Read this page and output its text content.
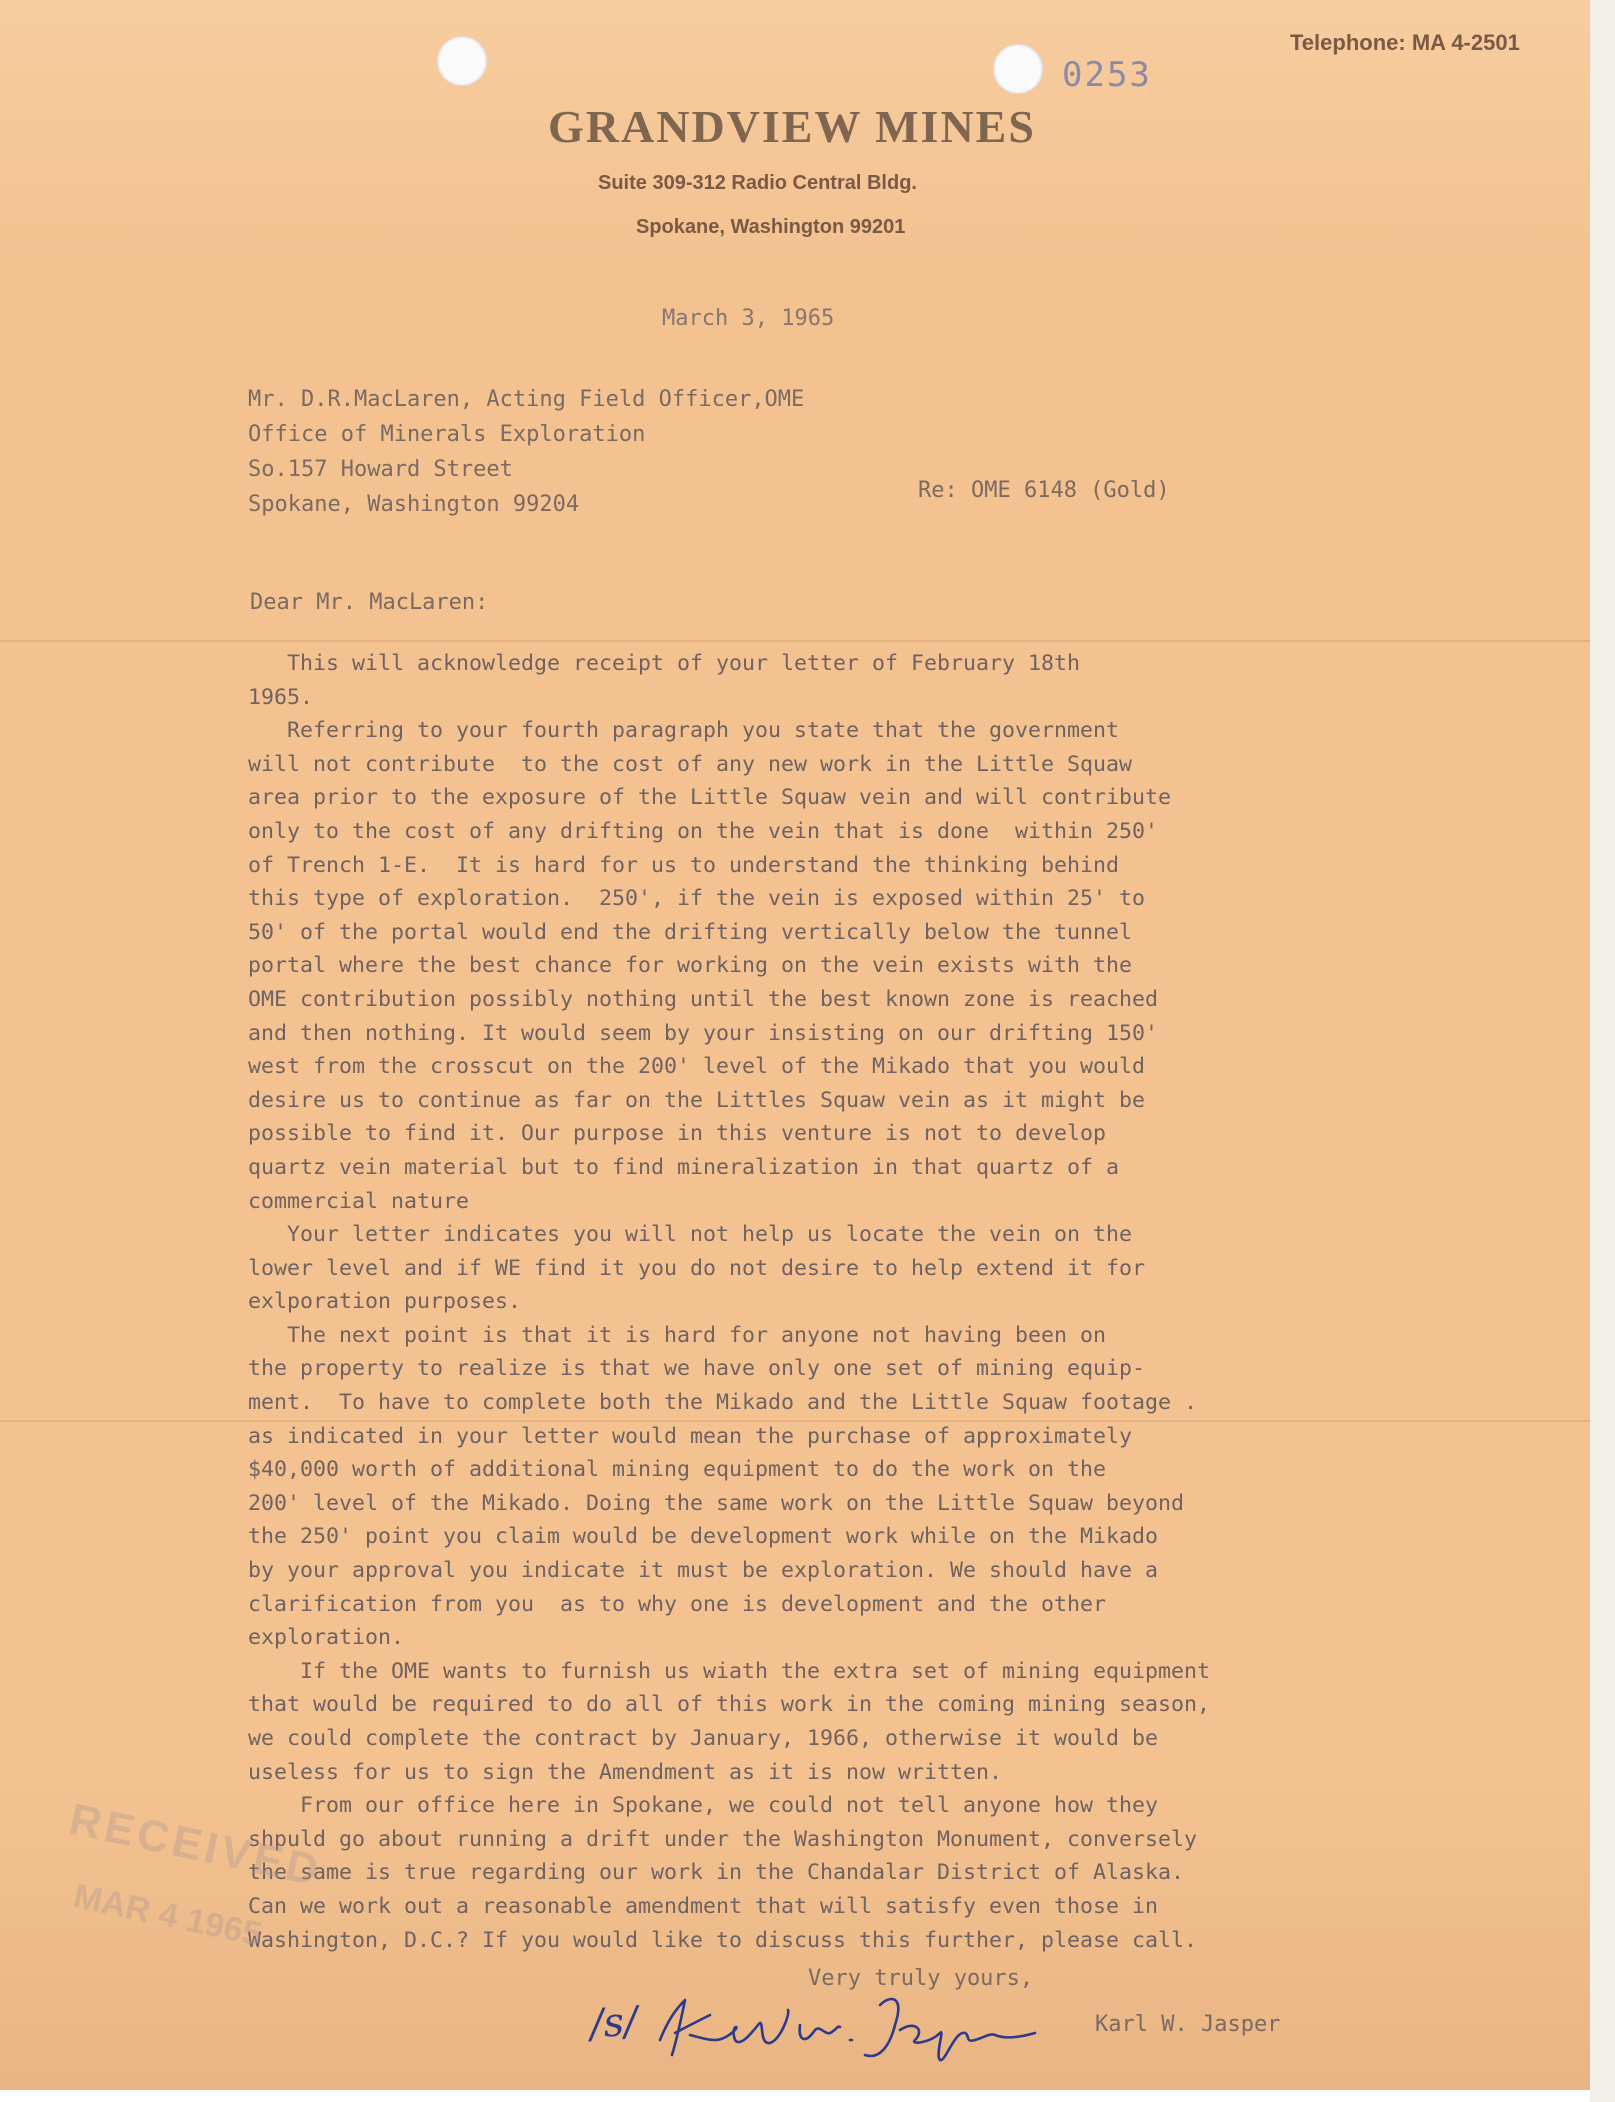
Telephone: MA 4-2501
0253
GRANDVIEW MINES
Suite 309-312 Radio Central Bldg.
Spokane, Washington 99201
March 3, 1965
Mr. D.R.MacLaren, Acting Field Officer,OME
Office of Minerals Exploration
So.157 Howard Street
Spokane, Washington 99204
Re: OME 6148 (Gold)
Dear Mr. MacLaren:
This will acknowledge receipt of your letter of February 18th
1965.
Referring to your fourth paragraph you state that the government
will not contribute  to the cost of any new work in the Little Squaw
area prior to the exposure of the Little Squaw vein and will contribute
only to the cost of any drifting on the vein that is done  within 250'
of Trench 1-E.  It is hard for us to understand the thinking behind
this type of exploration.  250', if the vein is exposed within 25' to
50' of the portal would end the drifting vertically below the tunnel
portal where the best chance for working on the vein exists with the
OME contribution possibly nothing until the best known zone is reached
and then nothing. It would seem by your insisting on our drifting 150'
west from the crosscut on the 200' level of the Mikado that you would
desire us to continue as far on the Littles Squaw vein as it might be
possible to find it. Our purpose in this venture is not to develop
quartz vein material but to find mineralization in that quartz of a
commercial nature
Your letter indicates you will not help us locate the vein on the
lower level and if WE find it you do not desire to help extend it for
exlporation purposes.
The next point is that it is hard for anyone not having been on
the property to realize is that we have only one set of mining equip-
ment.  To have to complete both the Mikado and the Little Squaw footage .
as indicated in your letter would mean the purchase of approximately
$40,000 worth of additional mining equipment to do the work on the
200' level of the Mikado. Doing the same work on the Little Squaw beyond
the 250' point you claim would be development work while on the Mikado
by your approval you indicate it must be exploration. We should have a
clarification from you  as to why one is development and the other
exploration.
If the OME wants to furnish us wiath the extra set of mining equipment
that would be required to do all of this work in the coming mining season,
we could complete the contract by January, 1966, otherwise it would be
useless for us to sign the Amendment as it is now written.
From our office here in Spokane, we could not tell anyone how they
shpuld go about running a drift under the Washington Monument, conversely
the same is true regarding our work in the Chandalar District of Alaska.
Can we work out a reasonable amendment that will satisfy even those in
Washington, D.C.? If you would like to discuss this further, please call.
RECEIVED
MAR 4 1965
Very truly yours,
/s/	Karl W. Jasper
